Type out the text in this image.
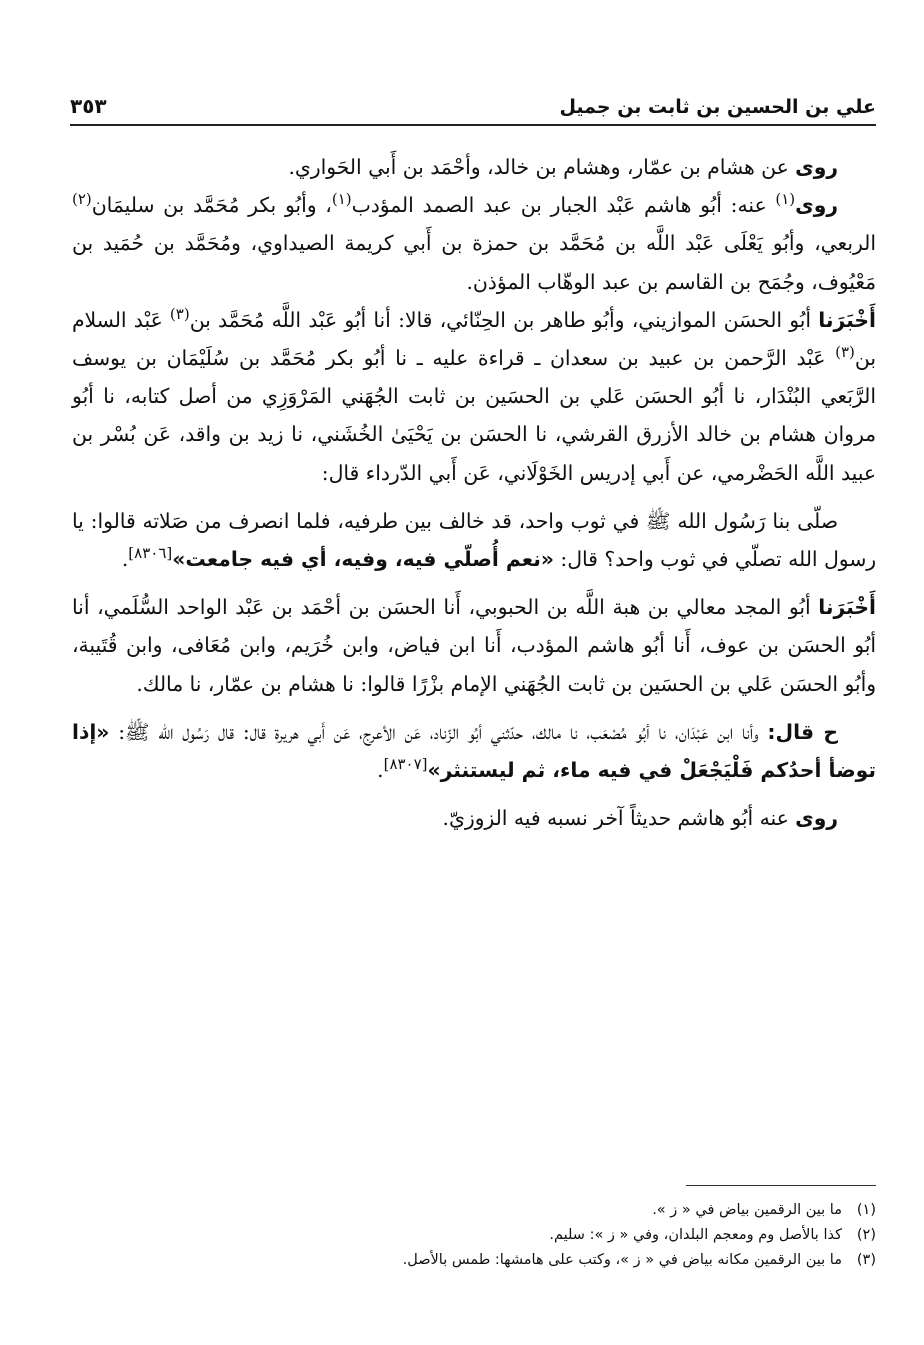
٣٥٣	علي بن الحسين بن ثابت بن جميل

روى عن هشام بن عمّار، وهشام بن خالد، وأحْمَد بن أَبي الحَواري.

روى$^{(١)}$ عنه: أبُو هاشم عَبْد الجبار بن عبد الصمد المؤدب$^{(١)}$، وأبُو بكر مُحَمَّد بن سليمَان$^{(٢)}$ الربعي، وأبُو يَعْلَى عَبْد اللَّه بن مُحَمَّد بن حمزة بن أَبي كريمة الصيداوي، ومُحَمَّد بن حُمَيد بن مَعْيُوف، وجُمَح بن القاسم بن عبد الوهّاب المؤذن.

أَخْبَرَنا أبُو الحسَن الموازيني، وأبُو طاهر بن الحِنّائي، قالا: أنا أبُو عَبْد اللَّه مُحَمَّد بن$^{(٣)}$ عَبْد السلام بن$^{(٣)}$ عَبْد الرَّحمن بن عبيد بن سعدان ـ قراءة عليه ـ نا أبُو بكر مُحَمَّد بن سُلَيْمَان بن يوسف الرَّبَعي البُنْدَار، نا أبُو الحسَن عَلي بن الحسَين بن ثابت الجُهَني المَرْوَزِي من أصل كتابه، نا أبُو مروان هشام بن خالد الأزرق القرشي، نا الحسَن بن يَحْيَىٰ الخُشَني، نا زيد بن واقد، عَن بُسْر بن عبيد اللَّه الحَضْرمي، عن أَبي إدريس الخَوْلَاني، عَن أَبي الدّرداء قال:

صلّى بنا رَسُول الله ﷺ في ثوب واحد، قد خالف بين طرفيه، فلما انصرف من صَلاته قالوا: يا رسول الله تصلّي في ثوب واحد؟ قال: «نعم أُصلّي فيه، وفيه، أي فيه جامعت»[٨٣٠٦].

أَخْبَرَنا أبُو المجد معالي بن هبة اللَّه بن الحبوبي، أَنا الحسَن بن أحْمَد بن عَبْد الواحد السُّلَمي، أنا أبُو الحسَن بن عوف، أَنا أبُو هاشم المؤدب، أَنا ابن فياض، وابن خُرَيم، وابن مُعَافى، وابن قُتَيبة، وأبُو الحسَن عَلي بن الحسَين بن ثابت الجُهَني الإمام بزْرًا قالوا: نا هشام بن عمّار، نا مالك.

ح قال: وأنا ابن عَبْدَان، نا أبُو مُصْعَب، نا مالك، حدّثني أبُو الزّناد، عَن الأعرج، عَن أَبي هريرة قال: قال رَسُول الله ﷺ: «إذا توضأ أحدُكم فَلْيَجْعَلْ في فيه ماء، ثم ليستنثر»[٨٣٠٧].

روى عنه أبُو هاشم حديثاً آخر نسبه فيه الزوزيّ.

(١)ما بين الرقمين بياض في « ز ».

(٢)كذا بالأصل وم ومعجم البلدان، وفي « ز »: سليم.

(٣)ما بين الرقمين مكانه بياض في « ز »، وكتب على هامشها: طمس بالأصل.
